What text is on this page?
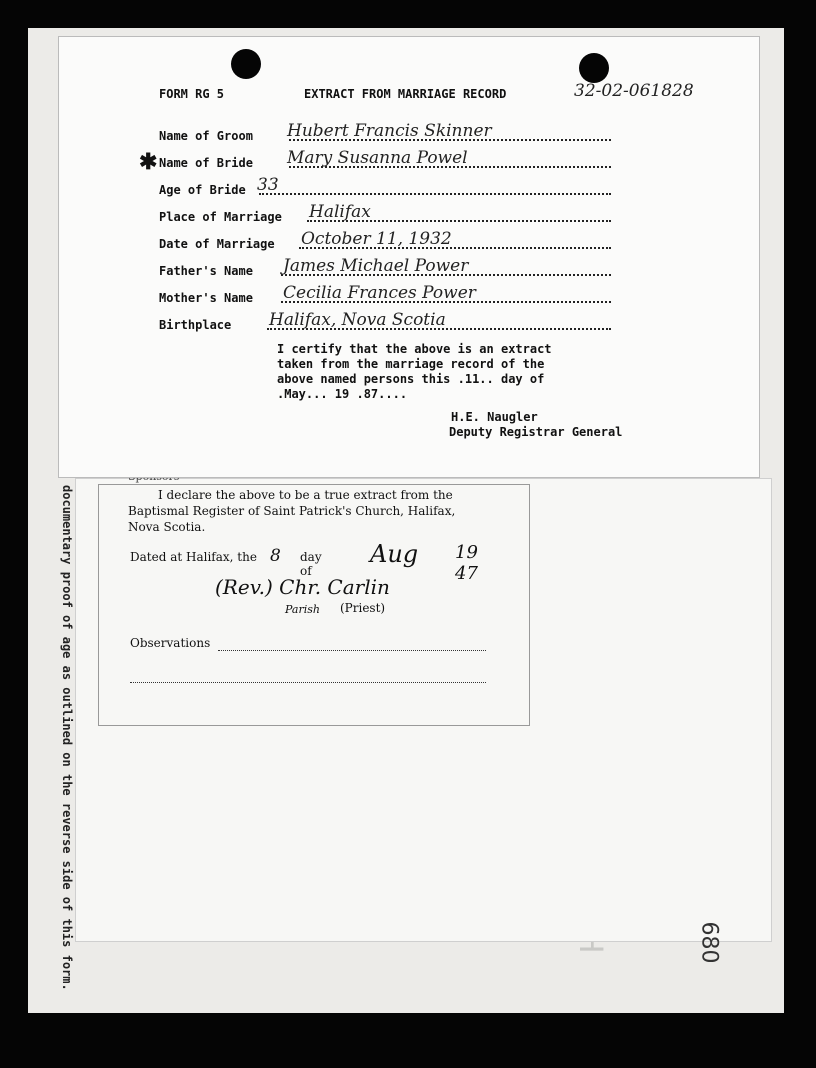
documentary proof of age as outlined on the reverse side of this form.	I declare the above to be a true extract from the
Baptismal Register of Saint Patrick's Church, Halifax,
Nova Scotia.
Dated at Halifax, the 8 day of
Aug 19 47
(Rev.) Chr. Carlin
Parish (Priest)
Observations
680
FORM RG 5	EXTRACT FROM MARRIAGE RECORD	32-02-061828
✱
Name of Groom Hubert Francis Skinner
Name of Bride Mary Susanna Powel
Age of Bride 33
Place of Marriage Halifax
Date of Marriage October 11, 1932
Father's Name James Michael Power
Mother's Name Cecilia Frances Power
Birthplace Halifax, Nova Scotia
I certify that the above is an extract
taken from the marriage record of the
above named persons this .11.. day of
.May... 19 .87....
H.E. Naugler
Deputy Registrar General
